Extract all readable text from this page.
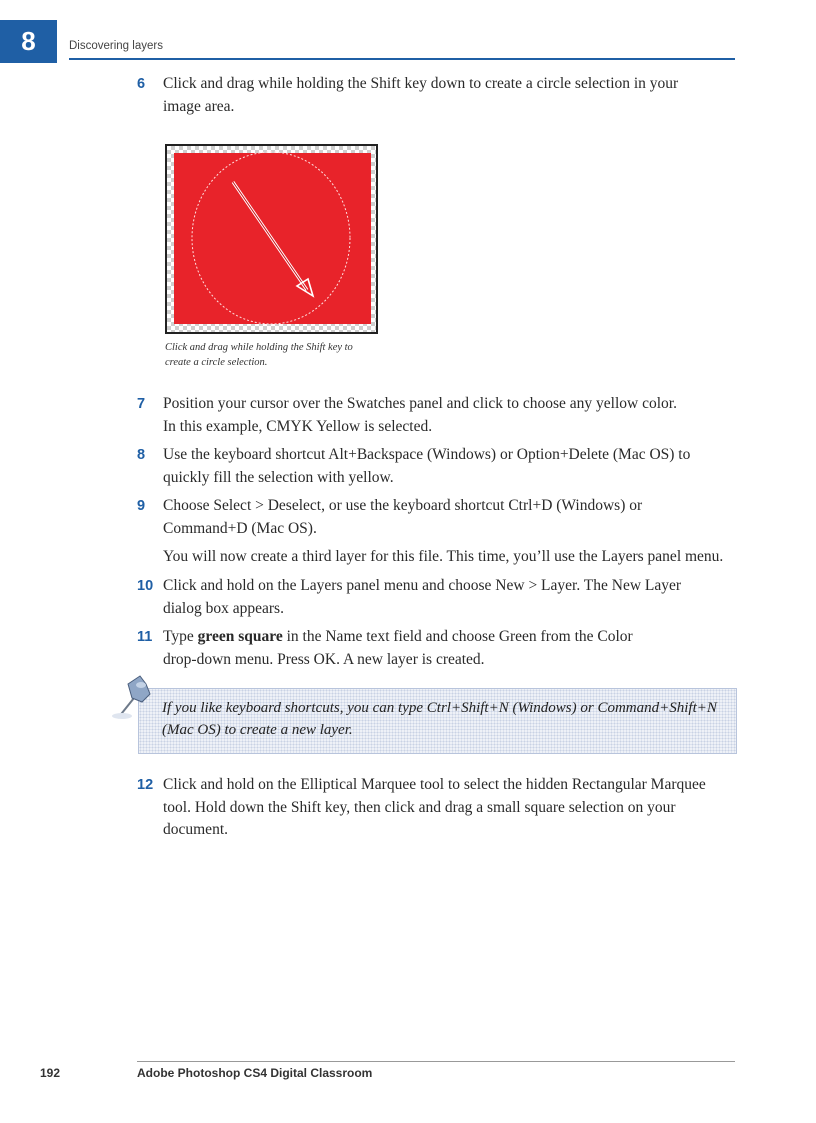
8	Discovering layers
6 Click and drag while holding the Shift key down to create a circle selection in your
image area.
Click and drag while holding the Shift key to
create a circle selection.
7 Position your cursor over the Swatches panel and click to choose any yellow color.
In this example, CMYK Yellow is selected.
8 Use the keyboard shortcut Alt+Backspace (Windows) or Option+Delete (Mac OS) to
quickly fill the selection with yellow.
9 Choose Select > Deselect, or use the keyboard shortcut Ctrl+D (Windows) or
Command+D (Mac OS).
You will now create a third layer for this file. This time, you’ll use the Layers panel menu.
10 Click and hold on the Layers panel menu and choose New > Layer. The New Layer
dialog box appears.
11 Type green square in the Name text field and choose Green from the Color
drop-down menu. Press OK. A new layer is created.
If you like keyboard shortcuts, you can type Ctrl+Shift+N (Windows) or Command+Shift+N
(Mac OS) to create a new layer.
12 Click and hold on the Elliptical Marquee tool to select the hidden Rectangular Marquee
tool. Hold down the Shift key, then click and drag a small square selection on your
document.
192	Adobe Photoshop CS4 Digital Classroom
